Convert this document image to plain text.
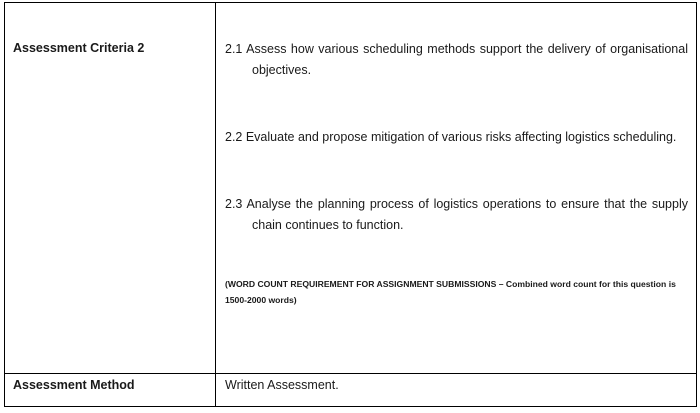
Assessment Criteria 2	2.1 Assess how various scheduling methods support the delivery of organisational objectives.

2.2 Evaluate and propose mitigation of various risks affecting logistics scheduling.

2.3 Analyse the planning process of logistics operations to ensure that the supply chain continues to function.

(WORD COUNT REQUIREMENT FOR ASSIGNMENT SUBMISSIONS – Combined word count for this question is 1500-2000 words)

Assessment Method	Written Assessment.
